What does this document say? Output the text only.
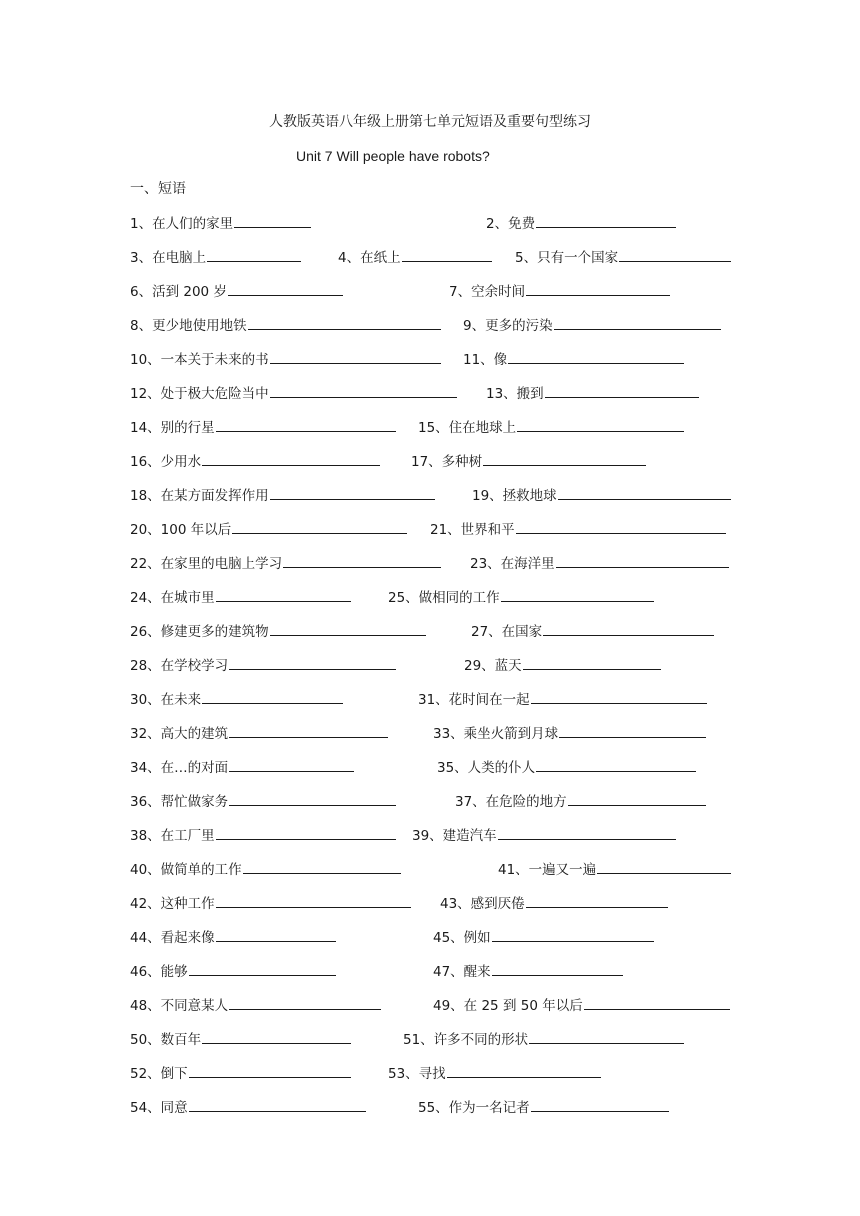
人教版英语八年级上册第七单元短语及重要句型练习
Unit 7 Will people have robots?
一、短语
1、在人们的家里	2、免费
3、在电脑上	4、在纸上	5、只有一个国家
6、活到 200 岁	7、空余时间
8、更少地使用地铁	9、更多的污染
10、一本关于未来的书	11、像
12、处于极大危险当中	13、搬到
14、别的行星	15、住在地球上
16、少用水	17、多种树
18、在某方面发挥作用	19、拯救地球
20、100 年以后	21、世界和平
22、在家里的电脑上学习	23、在海洋里
24、在城市里	25、做相同的工作
26、修建更多的建筑物	27、在国家
28、在学校学习	29、蓝天
30、在未来	31、花时间在一起
32、高大的建筑	33、乘坐火箭到月球
34、在…的对面	35、人类的仆人
36、帮忙做家务	37、在危险的地方
38、在工厂里	39、建造汽车
40、做简单的工作	41、一遍又一遍
42、这种工作	43、感到厌倦
44、看起来像	45、例如
46、能够	47、醒来
48、不同意某人	49、在 25 到 50 年以后
50、数百年	51、许多不同的形状
52、倒下	53、寻找
54、同意	55、作为一名记者
